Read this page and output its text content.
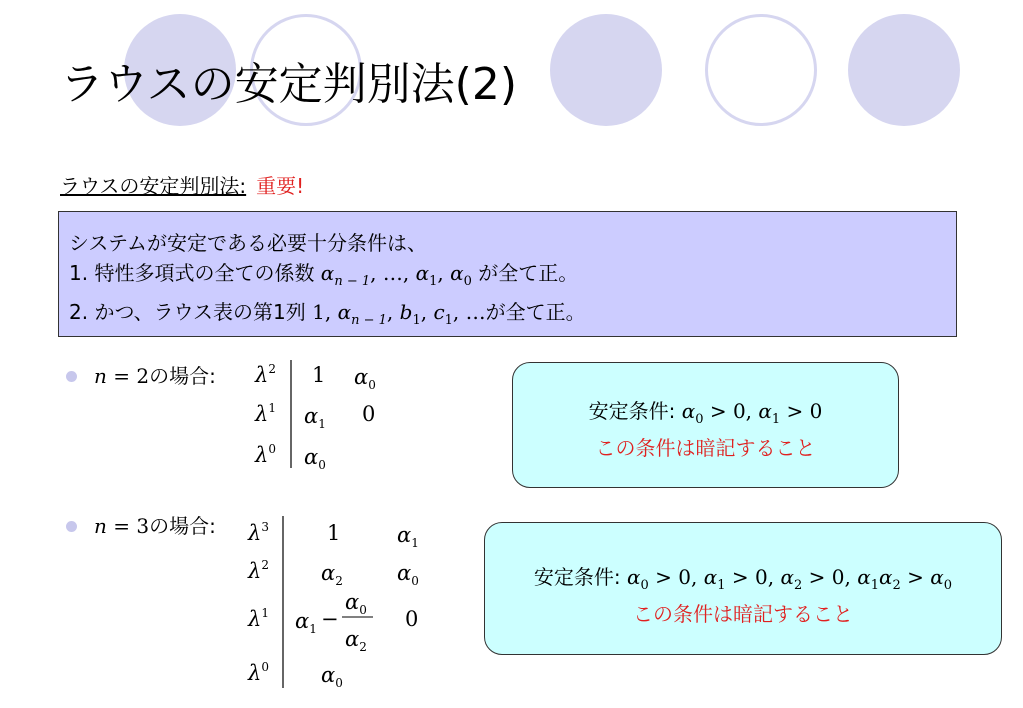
ラウスの安定判別法(2)
ラウスの安定判別法: 重要!
システムが安定である必要十分条件は、
1. 特性多項式の全ての係数 $\alpha_{n - 1}$, …, $\alpha_1$, $\alpha_0$ が全て正。
2. かつ、ラウス表の第1列 1, $\alpha_{n - 1}$, $b_1$, $c_1$, …が全て正。
n = 2の場合: $\lambda^2$
$\lambda^1$
$\lambda^0$
1 $\alpha_0$
$\alpha_1$ 0
$\alpha_0$
安定条件: $\alpha_0 > 0$, $\alpha_1 > 0$
この条件は暗記すること
n = 3の場合: $\lambda^3$
$\lambda^2$
$\lambda^1$
$\lambda^0$
1	$\alpha_1$
$\alpha_2$	$\alpha_0$
$\alpha_1$ −
$\alpha_0$
$\alpha_2$
0
$\alpha_0$
安定条件: $\alpha_0 > 0$, $\alpha_1 > 0$, $\alpha_2 > 0$, $\alpha_1\alpha_2 > \alpha_0$
この条件は暗記すること
